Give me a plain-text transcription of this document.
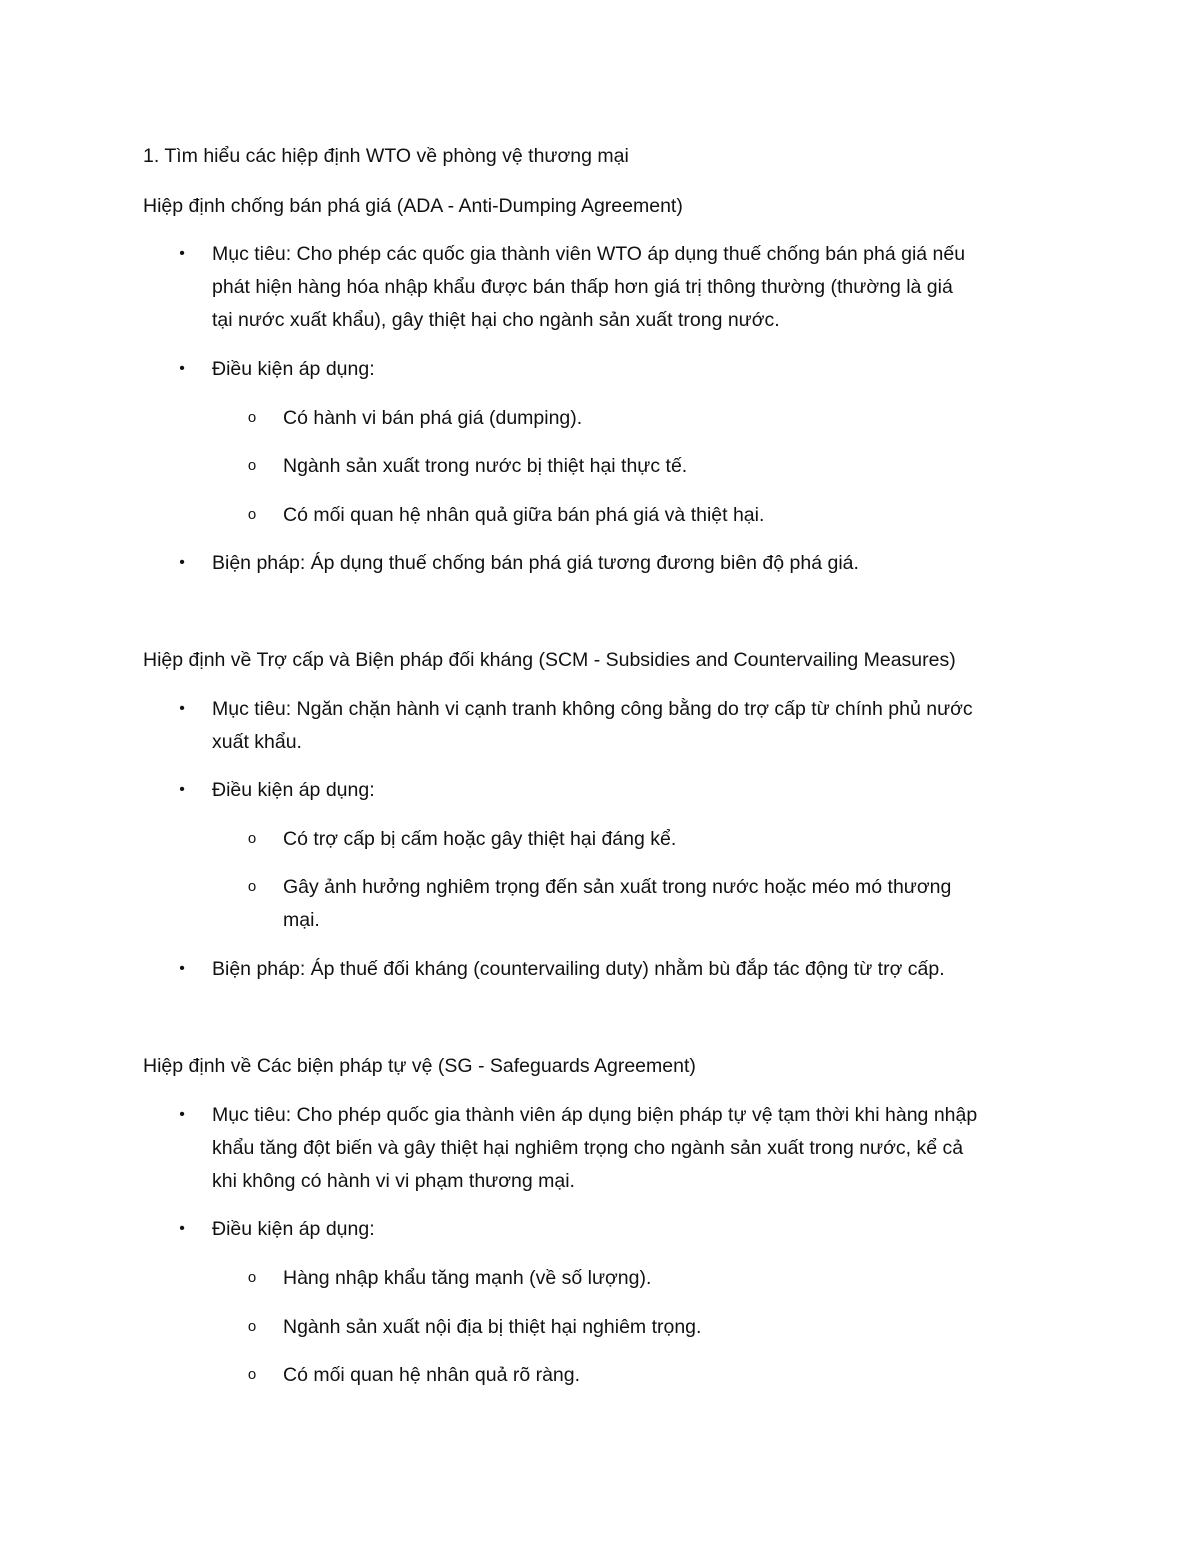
1. Tìm hiểu các hiệp định WTO về phòng vệ thương mại
Hiệp định chống bán phá giá (ADA - Anti-Dumping Agreement)
• Mục tiêu: Cho phép các quốc gia thành viên WTO áp dụng thuế chống bán phá giá nếu
phát hiện hàng hóa nhập khẩu được bán thấp hơn giá trị thông thường (thường là giá
tại nước xuất khẩu), gây thiệt hại cho ngành sản xuất trong nước.
• Điều kiện áp dụng:
o Có hành vi bán phá giá (dumping).
o Ngành sản xuất trong nước bị thiệt hại thực tế.
o Có mối quan hệ nhân quả giữa bán phá giá và thiệt hại.
• Biện pháp: Áp dụng thuế chống bán phá giá tương đương biên độ phá giá.
Hiệp định về Trợ cấp và Biện pháp đối kháng (SCM - Subsidies and Countervailing Measures)
• Mục tiêu: Ngăn chặn hành vi cạnh tranh không công bằng do trợ cấp từ chính phủ nước
xuất khẩu.
• Điều kiện áp dụng:
o Có trợ cấp bị cấm hoặc gây thiệt hại đáng kể.
o Gây ảnh hưởng nghiêm trọng đến sản xuất trong nước hoặc méo mó thương
mại.
• Biện pháp: Áp thuế đối kháng (countervailing duty) nhằm bù đắp tác động từ trợ cấp.
Hiệp định về Các biện pháp tự vệ (SG - Safeguards Agreement)
• Mục tiêu: Cho phép quốc gia thành viên áp dụng biện pháp tự vệ tạm thời khi hàng nhập
khẩu tăng đột biến và gây thiệt hại nghiêm trọng cho ngành sản xuất trong nước, kể cả
khi không có hành vi vi phạm thương mại.
• Điều kiện áp dụng:
o Hàng nhập khẩu tăng mạnh (về số lượng).
o Ngành sản xuất nội địa bị thiệt hại nghiêm trọng.
o Có mối quan hệ nhân quả rõ ràng.
